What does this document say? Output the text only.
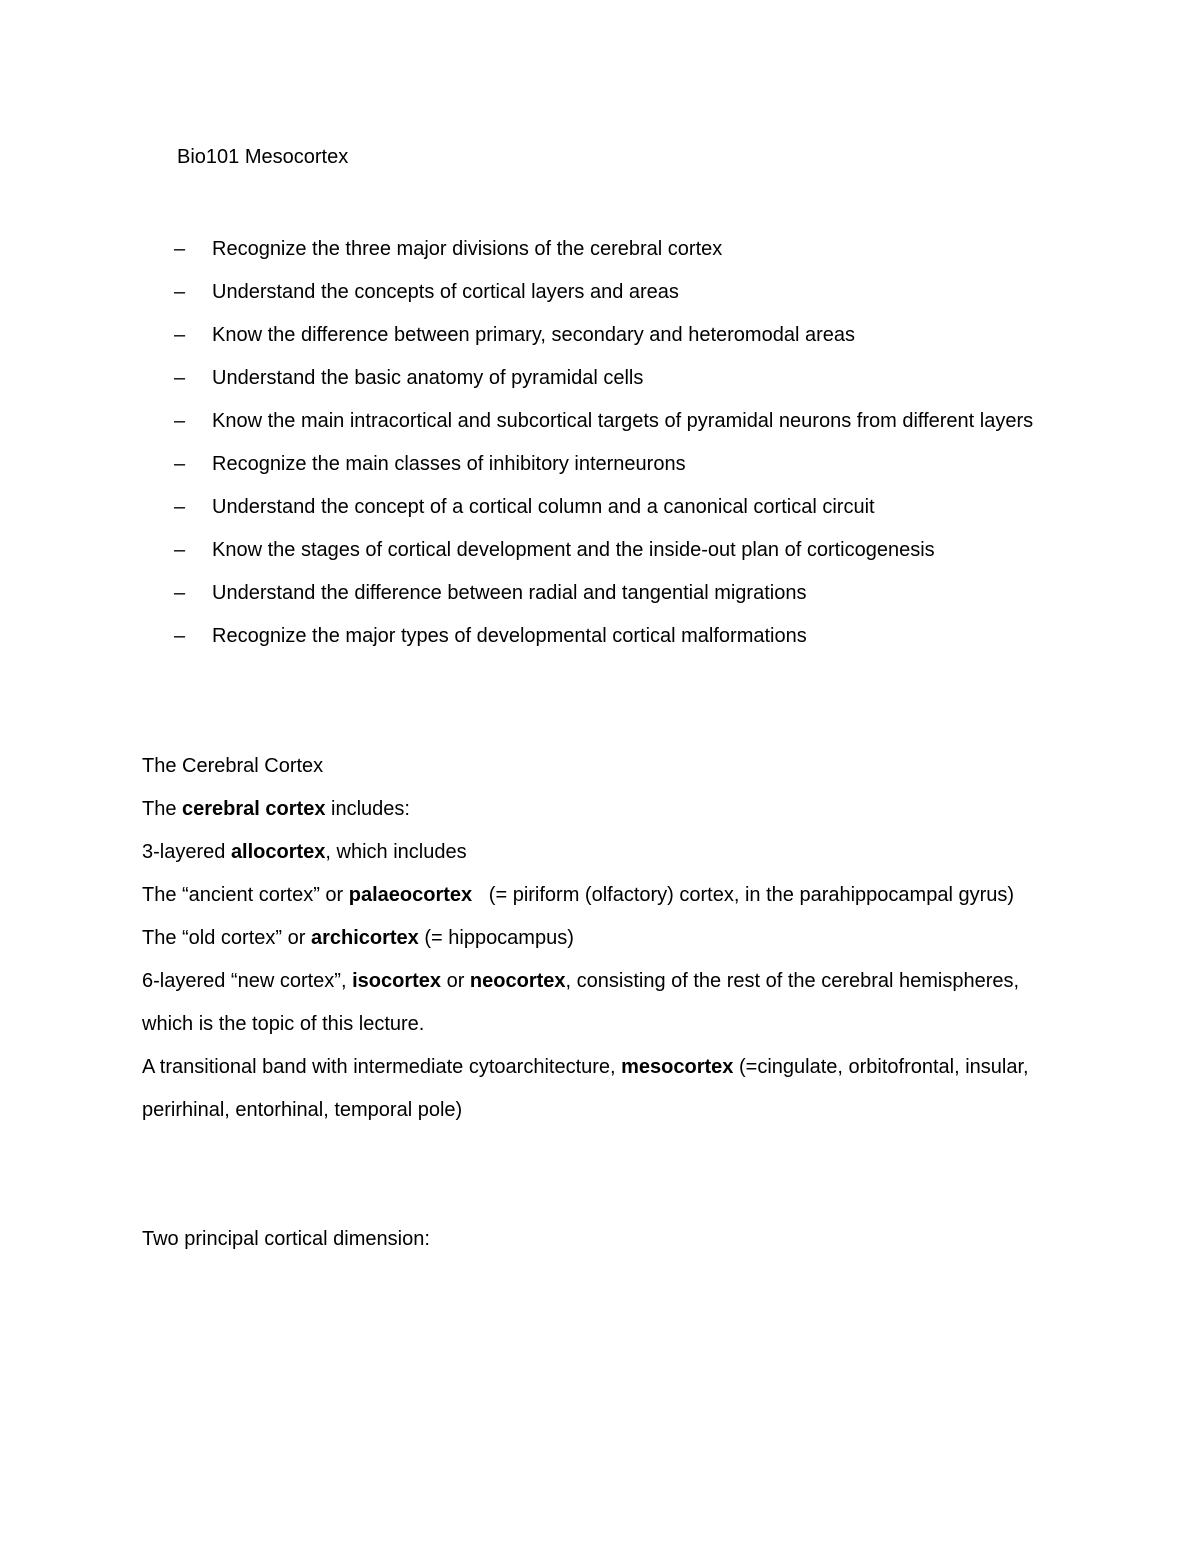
Bio101 Mesocortex
– Recognize the three major divisions of the cerebral cortex
– Understand the concepts of cortical layers and areas
– Know the difference between primary, secondary and heteromodal areas
– Understand the basic anatomy of pyramidal cells
– Know the main intracortical and subcortical targets of pyramidal neurons from different layers
– Recognize the main classes of inhibitory interneurons
– Understand the concept of a cortical column and a canonical cortical circuit
– Know the stages of cortical development and the inside-out plan of corticogenesis
– Understand the difference between radial and tangential migrations
– Recognize the major types of developmental cortical malformations

The Cerebral Cortex

The cerebral cortex includes:

3-layered allocortex, which includes

The “ancient cortex” or palaeocortex   (= piriform (olfactory) cortex, in the parahippocampal gyrus)

The “old cortex” or archicortex (= hippocampus)

6-layered “new cortex”, isocortex or neocortex, consisting of the rest of the cerebral hemispheres, which is the topic of this lecture.

A transitional band with intermediate cytoarchitecture, mesocortex (=cingulate, orbitofrontal, insular, perirhinal, entorhinal, temporal pole)

Two principal cortical dimension:
